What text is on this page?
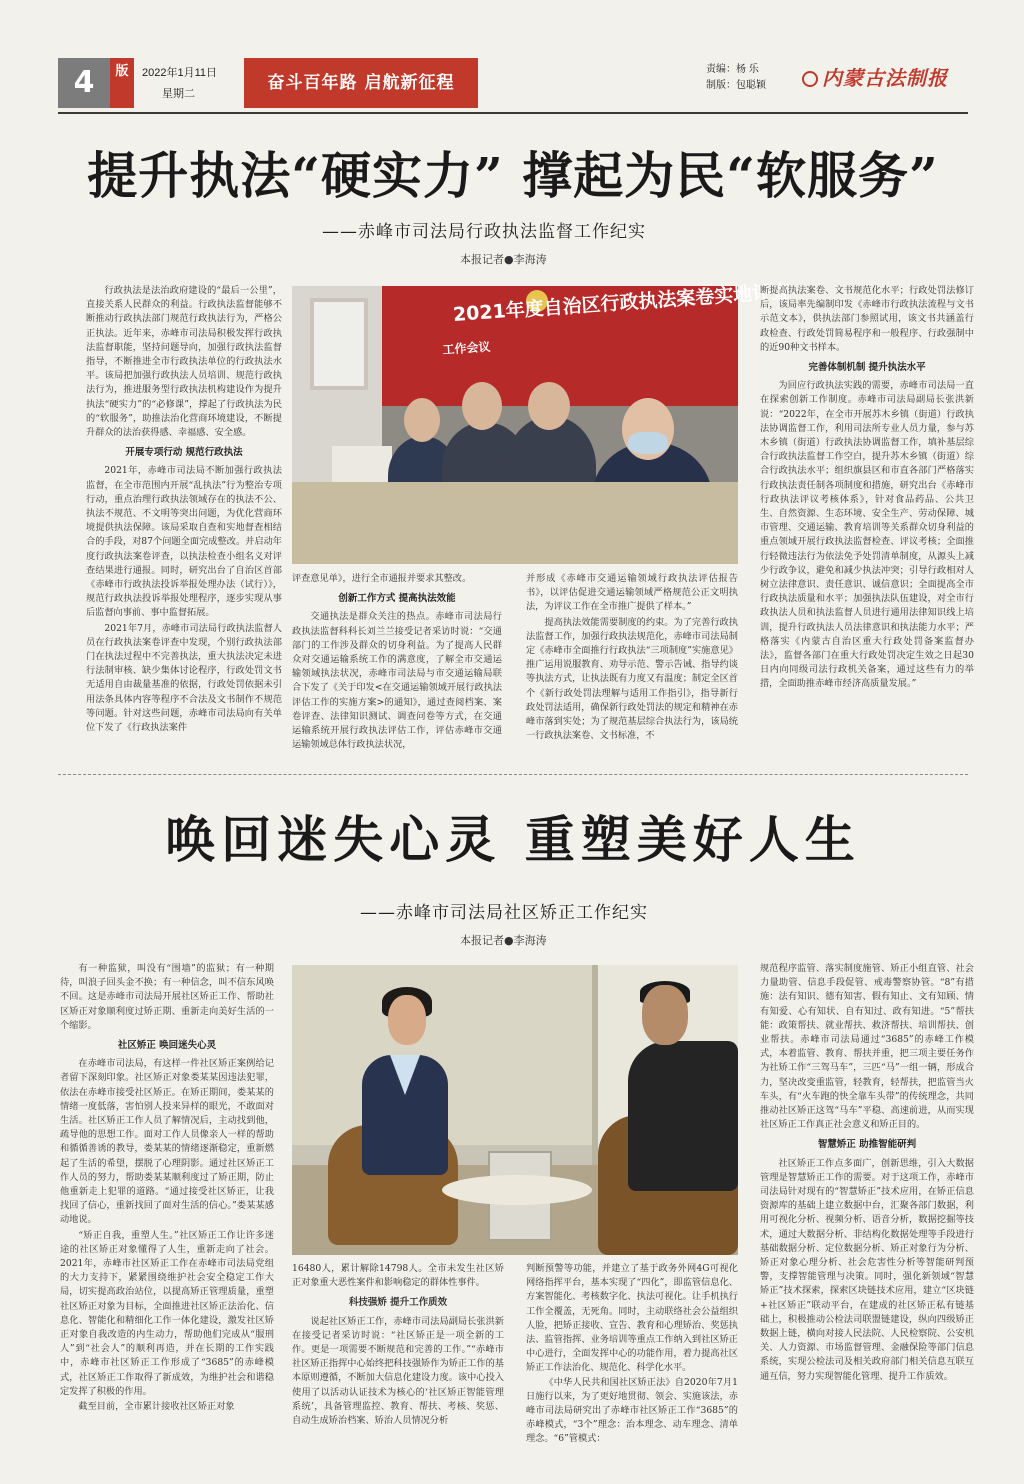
4	版	2022年1月11日
星期二
奋斗百年路 启航新征程
责编：杨 乐
制版：包聪颖	内蒙古法制报
提升执法“硬实力” 撑起为民“软服务”
——赤峰市司法局行政执法监督工作纪实
本报记者●李海涛

行政执法是法治政府建设的“最后一公里”，直接关系人民群众的利益。行政执法监督能够不断推动行政执法部门规范行政执法行为，严格公正执法。近年来，赤峰市司法局积极发挥行政执法监督职能，坚持问题导向，加强行政执法监督指导，不断推进全市行政执法单位的行政执法水平。该局把加强行政执法人员培训、规范行政执法行为，推进服务型行政执法机构建设作为提升执法“硬实力”的“必修课”，撑起了行政执法为民的“软服务”，助推法治化营商环境建设，不断提升群众的法治获得感、幸福感、安全感。

开展专项行动 规范行政执法

2021年，赤峰市司法局不断加强行政执法监督，在全市范围内开展“乱执法”行为整治专项行动，重点治理行政执法领域存在的执法不公、执法不规范、不文明等突出问题，为优化营商环境提供执法保障。该局采取自查和实地督查相结合的手段，对87个问题全面完成整改。并启动年度行政执法案卷评查，以执法检查小组名义对评查结果进行通报。同时，研究出台了自治区首部《赤峰市行政执法投诉举报处理办法（试行）》，规范行政执法投诉举报处理程序，逐步实现从事后监督向事前、事中监督拓展。

2021年7月，赤峰市司法局行政执法监督人员在行政执法案卷评查中发现，个别行政执法部门在执法过程中不完善执法，重大执法决定未进行法制审核、缺少集体讨论程序，行政处罚文书无适用自由裁量基准的依据，行政处罚依据未引用法条具体内容等程序不合法及文书制作不规范等问题。针对这些问题，赤峰市司法局向有关单位下发了《行政执法案件

2021年度自治区行政执法案卷实地评查
工作会议

评查意见单》，进行全市通报并要求其整改。

创新工作方式 提高执法效能

交通执法是群众关注的热点。赤峰市司法局行政执法监督科科长刘兰兰接受记者采访时说：“交通部门的工作涉及群众的切身利益。为了提高人民群众对交通运输系统工作的满意度，了解全市交通运输领域执法状况，赤峰市司法局与市交通运输局联合下发了《关于印发<在交通运输领域开展行政执法评估工作的实施方案>的通知》，通过查阅档案、案卷评查、法律知识测试、调查问卷等方式，在交通运输系统开展行政执法评估工作，评估赤峰市交通运输领域总体行政执法状况，

并形成《赤峰市交通运输领域行政执法评估报告书》，以评估促进交通运输领域严格规范公正文明执法，为评议工作在全市推广提供了样本。”

提高执法效能需要制度的约束。为了完善行政执法监督工作，加强行政执法规范化，赤峰市司法局制定《赤峰市全面推行行政执法“三项制度”实施意见》推广运用说服教育、劝导示范、警示告诫、指导约谈等执法方式，让执法既有力度又有温度；制定全区首个《新行政处罚法理解与适用工作指引》，指导新行政处罚法适用，确保新行政处罚法的规定和精神在赤峰市落到实处；为了规范基层综合执法行为，该局统一行政执法案卷、文书标准，不

断提高执法案卷、文书规范化水平；行政处罚法修订后，该局率先编制印发《赤峰市行政执法流程与文书示范文本》，供执法部门参照试用，该文书共涵盖行政检查、行政处罚简易程序和一般程序、行政强制中的近90种文书样本。

完善体制机制 提升执法水平

为回应行政执法实践的需要，赤峰市司法局一直在探索创新工作制度。赤峰市司法局副局长张洪新说：“2022年，在全市开展苏木乡镇（街道）行政执法协调监督工作，利用司法所专业人员力量，参与苏木乡镇（街道）行政执法协调监督工作，填补基层综合行政执法监督工作空白，提升苏木乡镇（街道）综合行政执法水平；组织旗县区和市直各部门严格落实行政执法责任制各项制度和措施，研究出台《赤峰市行政执法评议考核体系》，针对食品药品、公共卫生、自然资源、生态环境、安全生产、劳动保障、城市管理、交通运输、教育培训等关系群众切身利益的重点领域开展行政执法监督检查、评议考核；全面推行轻微违法行为依法免予处罚清单制度，从源头上减少行政争议，避免和减少执法冲突；引导行政相对人树立法律意识、责任意识、诚信意识；全面提高全市行政执法质量和水平；加强执法队伍建设，对全市行政执法人员和执法监督人员进行通用法律知识线上培训，提升行政执法人员法律意识和执法能力水平；严格落实《内蒙古自治区重大行政处罚备案监督办法》，监督各部门在重大行政处罚决定生效之日起30日内向同级司法行政机关备案，通过这些有力的举措，全面助推赤峰市经济高质量发展。”

唤回迷失心灵 重塑美好人生
——赤峰市司法局社区矫正工作纪实
本报记者●李海涛

有一种监狱，叫没有“围墙”的监狱；有一种期待，叫浪子回头金不换；有一种信念，叫不信东风唤不回。这是赤峰市司法局开展社区矫正工作、帮助社区矫正对象顺利度过矫正期、重新走向美好生活的一个缩影。

社区矫正 唤回迷失心灵

在赤峰市司法局，有这样一件社区矫正案例给记者留下深刻印象。社区矫正对象娄某某因违法犯罪，依法在赤峰市接受社区矫正。在矫正期间，娄某某的情绪一度低落，害怕别人投来异样的眼光，不敢面对生活。社区矫正工作人员了解情况后，主动找到他，疏导他的思想工作。面对工作人员像亲人一样的帮助和循循善诱的教导，娄某某的情绪逐渐稳定，重新燃起了生活的希望，摆脱了心理阴影。通过社区矫正工作人员的努力，帮助娄某某顺利度过了矫正期，防止他重新走上犯罪的道路。“通过接受社区矫正，让我找回了信心，重新找回了面对生活的信心。”娄某某感动地说。

“矫正自我，重塑人生。”社区矫正工作让许多迷途的社区矫正对象懂得了人生，重新走向了社会。2021年，赤峰市社区矫正工作在赤峰市司法局党组的大力支持下，紧紧围绕维护社会安全稳定工作大局，切实提高政治站位，以提高矫正管理质量，重塑社区矫正对象为目标，全面推进社区矫正法治化、信息化、智能化和精细化工作一体化建设，激发社区矫正对象自我改造的内生动力，帮助他们完成从“服刑人”到“社会人”的顺利再造，并在长期的工作实践中，赤峰市社区矫正工作形成了“3685”的赤峰模式，社区矫正工作取得了新成效，为维护社会和谐稳定发挥了积极的作用。

截至目前，全市累计接收社区矫正对象

16480人，累计解除14798人。全市未发生社区矫正对象重大恶性案件和影响稳定的群体性事件。

科技强矫 提升工作质效

说起社区矫正工作，赤峰市司法局副局长张洪新在接受记者采访时说：“社区矫正是一项全新的工作。更是一项需要不断规范和完善的工作。”“赤峰市社区矫正指挥中心始终把科技强矫作为矫正工作的基本原则遵循，不断加大信息化建设力度。该中心投入使用了以活动认证技术为核心的‘社区矫正智能管理系统’，具备管理监控、教育、帮扶、考核、奖惩、自动生成矫治档案、矫治人员情况分析

判断预警等功能，并建立了基于政务外网4G可视化网络指挥平台，基本实现了“四化”，即监管信息化、方案智能化、考核数字化、执法可视化。让手机执行工作全覆盖，无死角。同时，主动联络社会公益组织人脸，把矫正接收、宣告、教育和心理矫治、奖惩执法、监管指挥、业务培训等重点工作纳入到社区矫正中心进行，全面发挥中心的功能作用，着力提高社区矫正工作法治化、规范化、科学化水平。

《中华人民共和国社区矫正法》自2020年7月1日施行以来，为了更好地贯彻、领会、实施该法，赤峰市司法局研究出了赤峰市社区矫正工作“3685”的赤峰模式，“3个”理念：治本理念、动车理念、清单理念。“6”管模式：

规范程序监管、落实制度施管、矫正小组直管、社会力量助管、信息手段促管、戒毒警察协管。“8”有措施：法有知识、德有知害、假有知止、文有知顾、情有知爱、心有知状、自有知过、政有知进。“5”帮扶能：政策帮扶、就业帮扶、救济帮扶、培训帮扶、创业帮扶。赤峰市司法局通过“3685”的赤峰工作模式，本着监管、教育、帮扶并重，把三项主要任务作为社矫工作“三驾马车”，三匹“马”一组一辆，形成合力，坚决改变重监管，轻教育，轻帮扶，把监管当火车头，有“火车跑的快全靠车头带”的传统理念，共同推动社区矫正这驾“马车”平稳、高速前进，从而实现社区矫正工作真正社会意义和矫正目的。

智慧矫正 助推智能研判

社区矫正工作点多面广，创新思维，引入大数据管理是智慧矫正工作的需要。对于这项工作，赤峰市司法局针对现有的“智慧矫正”技术应用，在矫正信息资源库的基础上建立数据中台，汇聚各部门数据，利用可视化分析、视频分析、语音分析，数据挖掘等技术，通过大数据分析、非结构化数据处理等手段进行基础数据分析、定位数据分析、矫正对象行为分析、矫正对象心理分析、社会危害性分析等智能研判预警，支撑智能管理与决策。同时，强化新领域“智慧矫正”技术探索，探索区块链技术应用，建立“区块链+社区矫正”联动平台，在建成的社区矫正私有链基础上，积极推动公检法司联盟链建设，纵向四级矫正数据上链，横向对接人民法院、人民检察院、公安机关、人力资源、市场监督管理、金融保险等部门信息系统，实现公检法司及相关政府部门相关信息互联互通互信，努力实现智能化管理、提升工作质效。
